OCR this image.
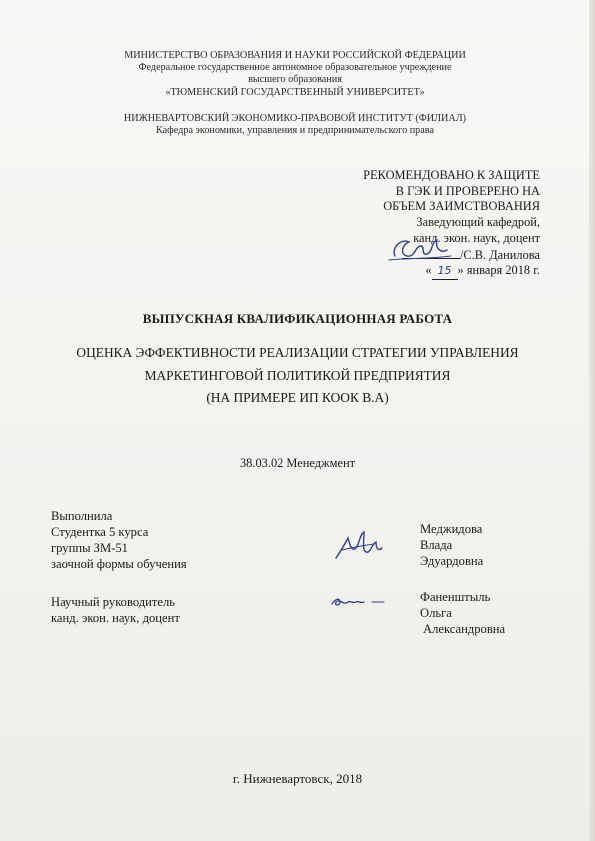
МИНИСТЕРСТВО ОБРАЗОВАНИЯ И НАУКИ РОССИЙСКОЙ ФЕДЕРАЦИИ
Федеральное государственное автономное образовательное учреждение
высшего образования
«ТЮМЕНСКИЙ ГОСУДАРСТВЕННЫЙ УНИВЕРСИТЕТ»
НИЖНЕВАРТОВСКИЙ ЭКОНОМИКО-ПРАВОВОЙ ИНСТИТУТ (ФИЛИАЛ)
Кафедра экономики, управления и предпринимательского права
РЕКОМЕНДОВАНО К ЗАЩИТЕ
В ГЭК И ПРОВЕРЕНО НА
ОБЪЕМ ЗАИМСТВОВАНИЯ
Заведующий кафедрой,
канд. экон. наук, доцент
/С.В. Данилова
« 15 » января 2018 г.
ВЫПУСКНАЯ КВАЛИФИКАЦИОННАЯ РАБОТА
ОЦЕНКА ЭФФЕКТИВНОСТИ РЕАЛИЗАЦИИ СТРАТЕГИИ УПРАВЛЕНИЯ
МАРКЕТИНГОВОЙ ПОЛИТИКОЙ ПРЕДПРИЯТИЯ
(НА ПРИМЕРЕ ИП КООК В.А)
38.03.02 Менеджмент
Выполнила
Студентка 5 курса
группы ЗМ-51
заочной формы обучения
Меджидова
Влада
Эдуардовна
Научный руководитель
канд. экон. наук, доцент
Фаненштыль
Ольга
Александровна
г. Нижневартовск, 2018
